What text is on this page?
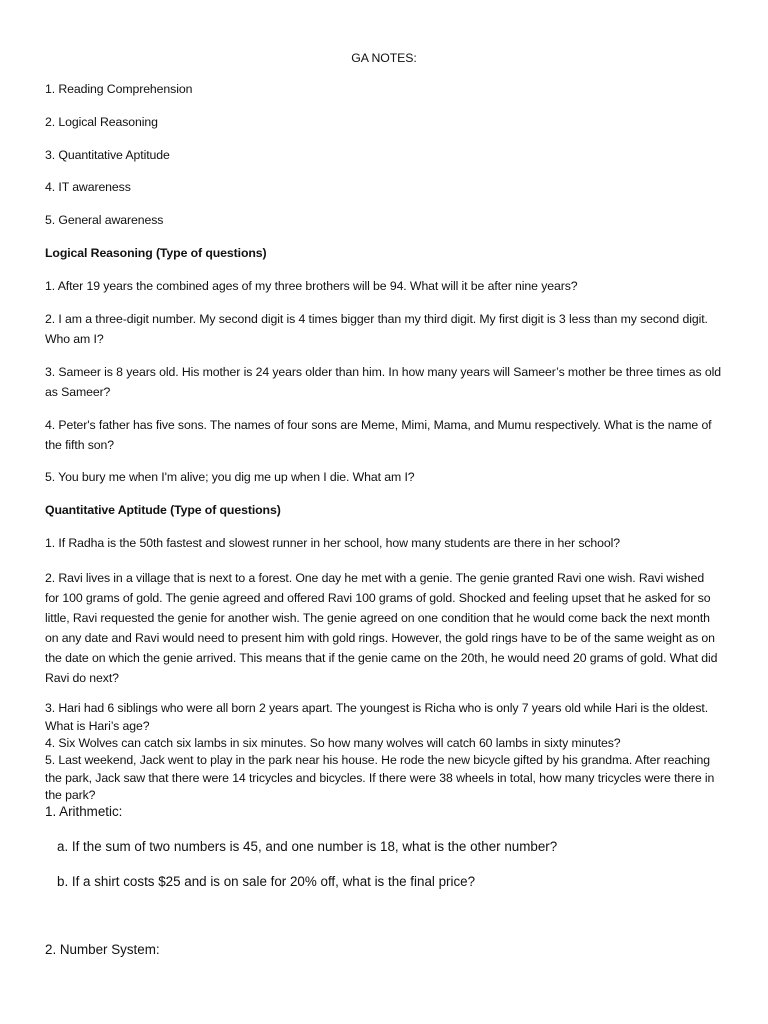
GA NOTES:
1. Reading Comprehension
2. Logical Reasoning
3. Quantitative Aptitude
4. IT awareness
5. General awareness
Logical Reasoning (Type of questions)
1. After 19 years the combined ages of my three brothers will be 94. What will it be after nine years?
2. I am a three-digit number. My second digit is 4 times bigger than my third digit. My first digit is 3 less than my second digit. Who am I?
3. Sameer is 8 years old. His mother is 24 years older than him. In how many years will Sameer’s mother be three times as old as Sameer?
4. Peter's father has five sons. The names of four sons are Meme, Mimi, Mama, and Mumu respectively. What is the name of the fifth son?
5. You bury me when I'm alive; you dig me up when I die. What am I?
Quantitative Aptitude (Type of questions)
1. If Radha is the 50th fastest and slowest runner in her school, how many students are there in her school?
2. Ravi lives in a village that is next to a forest. One day he met with a genie. The genie granted Ravi one wish. Ravi wished for 100 grams of gold. The genie agreed and offered Ravi 100 grams of gold. Shocked and feeling upset that he asked for so little, Ravi requested the genie for another wish. The genie agreed on one condition that he would come back the next month on any date and Ravi would need to present him with gold rings. However, the gold rings have to be of the same weight as on the date on which the genie arrived. This means that if the genie came on the 20th, he would need 20 grams of gold. What did Ravi do next?
3. Hari had 6 siblings who were all born 2 years apart. The youngest is Richa who is only 7 years old while Hari is the oldest. What is Hari’s age?
4. Six Wolves can catch six lambs in six minutes. So how many wolves will catch 60 lambs in sixty minutes?
5. Last weekend, Jack went to play in the park near his house. He rode the new bicycle gifted by his grandma. After reaching the park, Jack saw that there were 14 tricycles and bicycles. If there were 38 wheels in total, how many tricycles were there in the park?
1. Arithmetic:
a. If the sum of two numbers is 45, and one number is 18, what is the other number?
b. If a shirt costs $25 and is on sale for 20% off, what is the final price?
2. Number System:
